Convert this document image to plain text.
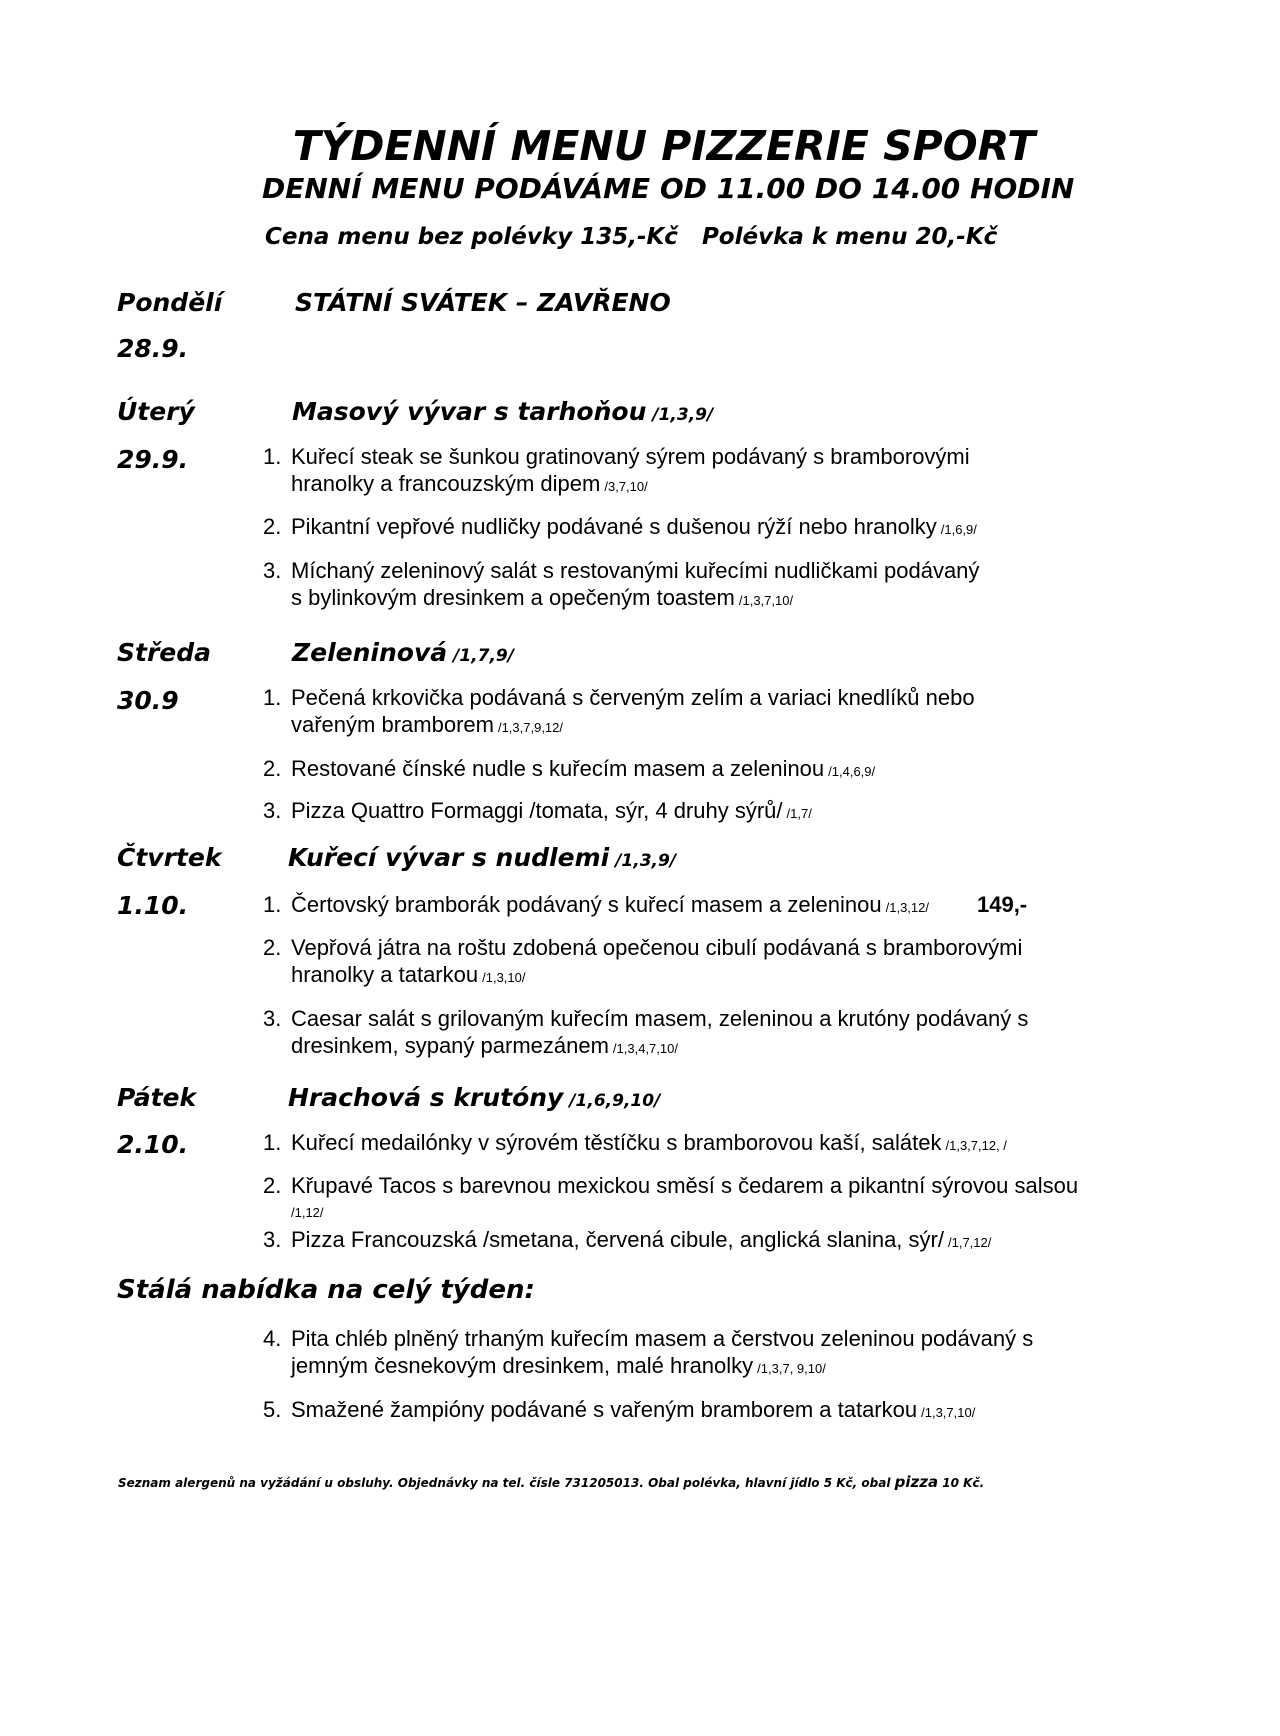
TÝDENNÍ MENU PIZZERIE SPORT
DENNÍ MENU PODÁVÁME OD 11.00 DO 14.00 HODIN
Cena menu bez polévky 135,-Kč Polévka k menu 20,-Kč
Pondělí	STÁTNÍ SVÁTEK – ZAVŘENO
28.9.
Úterý	Masový vývar s tarhoňou /1,3,9/
29.9.	1. Kuřecí steak se šunkou gratinovaný sýrem podávaný s bramborovými
hranolky a francouzským dipem /3,7,10/
2. Pikantní vepřové nudličky podávané s dušenou rýží nebo hranolky /1,6,9/
3. Míchaný zeleninový salát s restovanými kuřecími nudličkami podávaný
s bylinkovým dresinkem a opečeným toastem /1,3,7,10/
Středa	Zeleninová /1,7,9/
30.9	1. Pečená krkovička podávaná s červeným zelím a variaci knedlíků nebo
vařeným bramborem /1,3,7,9,12/
2. Restované čínské nudle s kuřecím masem a zeleninou /1,4,6,9/
3. Pizza Quattro Formaggi /tomata, sýr, 4 druhy sýrů/ /1,7/
Čtvrtek	Kuřecí vývar s nudlemi /1,3,9/
1.10.	1. Čertovský bramborák podávaný s kuřecí masem a zeleninou /1,3,12/ 149,-
2. Vepřová játra na roštu zdobená opečenou cibulí podávaná s bramborovými
hranolky a tatarkou /1,3,10/
3. Caesar salát s grilovaným kuřecím masem, zeleninou a krutóny podávaný s
dresinkem, sypaný parmezánem /1,3,4,7,10/
Pátek	Hrachová s krutóny /1,6,9,10/
2.10.	1. Kuřecí medailónky v sýrovém těstíčku s bramborovou kaší, salátek /1,3,7,12, /
2. Křupavé Tacos s barevnou mexickou směsí s čedarem a pikantní sýrovou salsou
/1,12/
3. Pizza Francouzská /smetana, červená cibule, anglická slanina, sýr/ /1,7,12/
Stálá nabídka na celý týden:
4. Pita chléb plněný trhaným kuřecím masem a čerstvou zeleninou podávaný s
jemným česnekovým dresinkem, malé hranolky /1,3,7, 9,10/
5. Smažené žampióny podávané s vařeným bramborem a tatarkou /1,3,7,10/
Seznam alergenů na vyžádání u obsluhy. Objednávky na tel. čísle 731205013. Obal polévka, hlavní jídlo 5 Kč, obal pizza 10 Kč.
